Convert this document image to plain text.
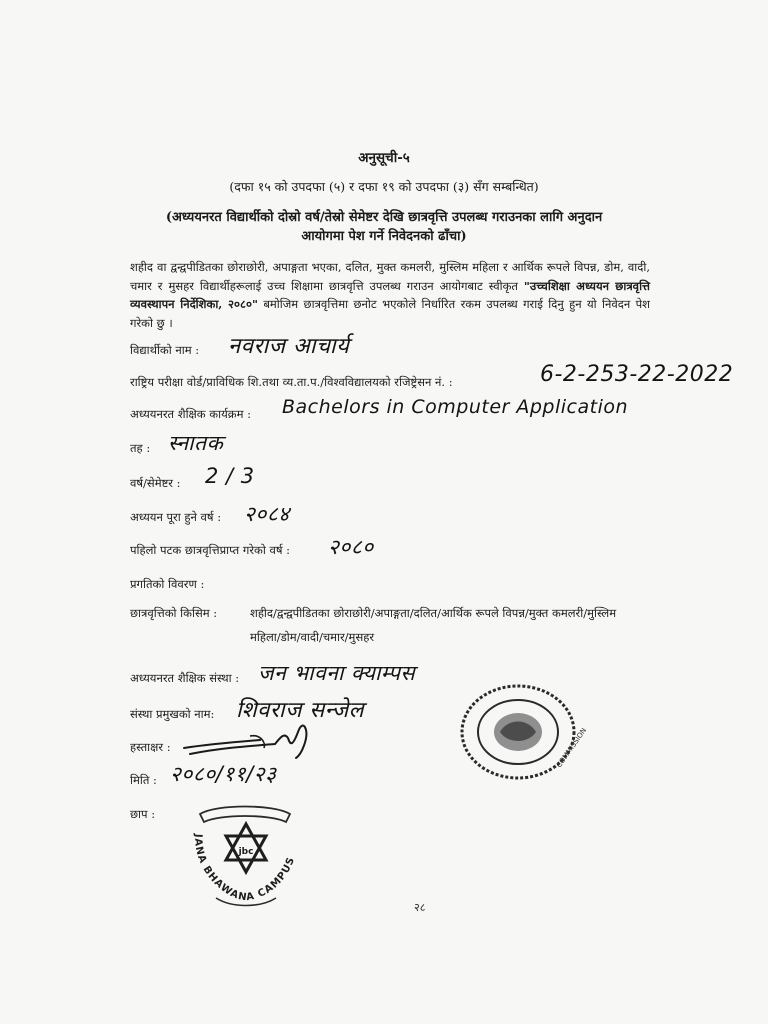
अनुसूची-५
(दफा १५ को उपदफा (५) र दफा १९ को उपदफा (३) सँग सम्बन्धित)
(अध्ययनरत विद्यार्थीको दोस्रो वर्ष/तेस्रो सेमेष्टर देखि छात्रवृत्ति उपलब्ध गराउनका लागि अनुदान
आयोगमा पेश गर्ने निवेदनको ढाँचा)
शहीद वा द्वन्द्वपीडितका छोराछोरी, अपाङ्गता भएका, दलित, मुक्त कमलरी, मुस्लिम महिला र आर्थिक रूपले विपन्न, डोम, वादी, चमार र मुसहर विद्यार्थीहरूलाई उच्च शिक्षामा छात्रवृत्ति उपलब्ध गराउन आयोगबाट स्वीकृत "उच्चशिक्षा अध्ययन छात्रवृत्ति व्यवस्थापन निर्देशिका, २०८०" बमोजिम छात्रवृत्तिमा छनोट भएकोले निर्धारित रकम उपलब्ध गराई दिनु हुन यो निवेदन पेश गरेको छु ।
विद्यार्थीको नाम : नवराज आचार्य
राष्ट्रिय परीक्षा वोर्ड/प्राविधिक शि.तथा व्य.ता.प./विश्वविद्यालयको रजिष्ट्रेसन नं. :	6-2-253-22-2022
अध्ययनरत शैक्षिक कार्यक्रम : Bachelors in Computer Application
तह : स्नातक
वर्ष/सेमेष्टर : 2 / 3
अध्ययन पूरा हुने वर्ष : २०८४
पहिलो पटक छात्रवृत्तिप्राप्त गरेको वर्ष : २०८०
प्रगतिको विवरण :
छात्रवृत्तिको किसिम :	शहीद/द्वन्द्वपीडितका छोराछोरी/अपाङ्गता/दलित/आर्थिक रूपले विपन्न/मुक्त कमलरी/मुस्लिम
महिला/डोम/वादी/चमार/मुसहर
अध्ययनरत शैक्षिक संस्था : जन भावना क्याम्पस
संस्था प्रमुखको नाम: शिवराज सन्जेल
हस्ताक्षर :
मिति : २०८०/११/२३
छाप :
COMMISSION
jbc
JANA BHAWANA CAMPUS
२८
